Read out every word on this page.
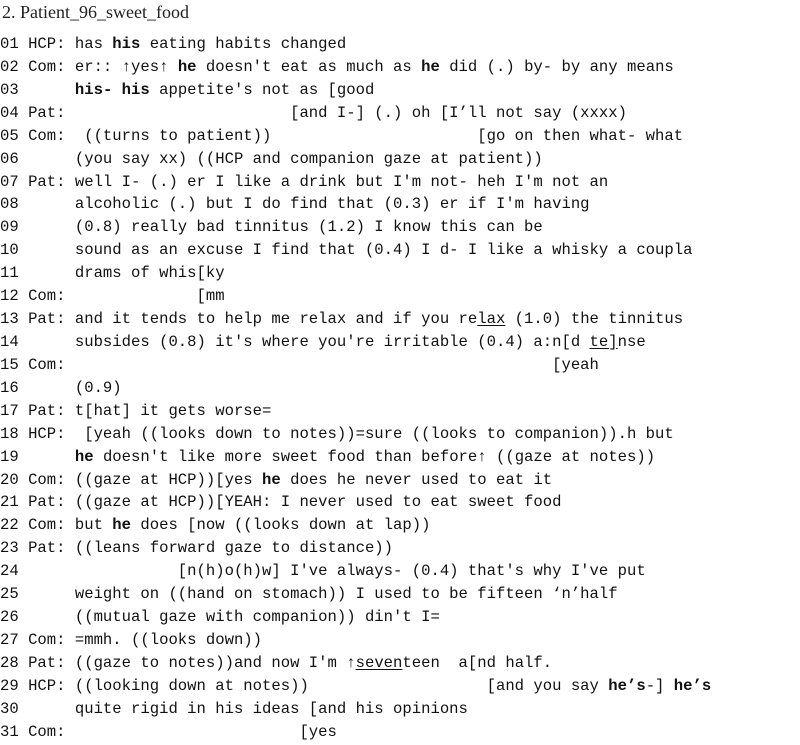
2. Patient_96_sweet_food
01 HCP: has his eating habits changed
02 Com: er:: ↑yes↑ he doesn't eat as much as he did (.) by- by any means
03      his- his appetite's not as [good
04 Pat:                        [and I-] (.) oh [I’ll not say (xxxx)
05 Com:  ((turns to patient))                      [go on then what- what
06      (you say xx) ((HCP and companion gaze at patient))
07 Pat: well I- (.) er I like a drink but I'm not- heh I'm not an
08      alcoholic (.) but I do find that (0.3) er if I'm having
09      (0.8) really bad tinnitus (1.2) I know this can be
10      sound as an excuse I find that (0.4) I d- I like a whisky a coupla
11      drams of whis[ky
12 Com:              [mm
13 Pat: and it tends to help me relax and if you relax (1.0) the tinnitus
14      subsides (0.8) it's where you're irritable (0.4) a:n[d te]nse
15 Com:                                                    [yeah
16      (0.9)
17 Pat: t[hat] it gets worse=
18 HCP:  [yeah ((looks down to notes))=sure ((looks to companion)).h but
19      he doesn't like more sweet food than before↑ ((gaze at notes))
20 Com: ((gaze at HCP))[yes he does he never used to eat it
21 Pat: ((gaze at HCP))[YEAH: I never used to eat sweet food
22 Com: but he does [now ((looks down at lap))
23 Pat: ((leans forward gaze to distance))
24                 [n(h)o(h)w] I've always- (0.4) that's why I've put
25      weight on ((hand on stomach)) I used to be fifteen ‘n’half
26      ((mutual gaze with companion)) din't I=
27 Com: =mmh. ((looks down))
28 Pat: ((gaze to notes))and now I'm ↑seventeen  a[nd half.
29 HCP: ((looking down at notes))                   [and you say he’s-] he’s
30      quite rigid in his ideas [and his opinions
31 Com:                         [yes
